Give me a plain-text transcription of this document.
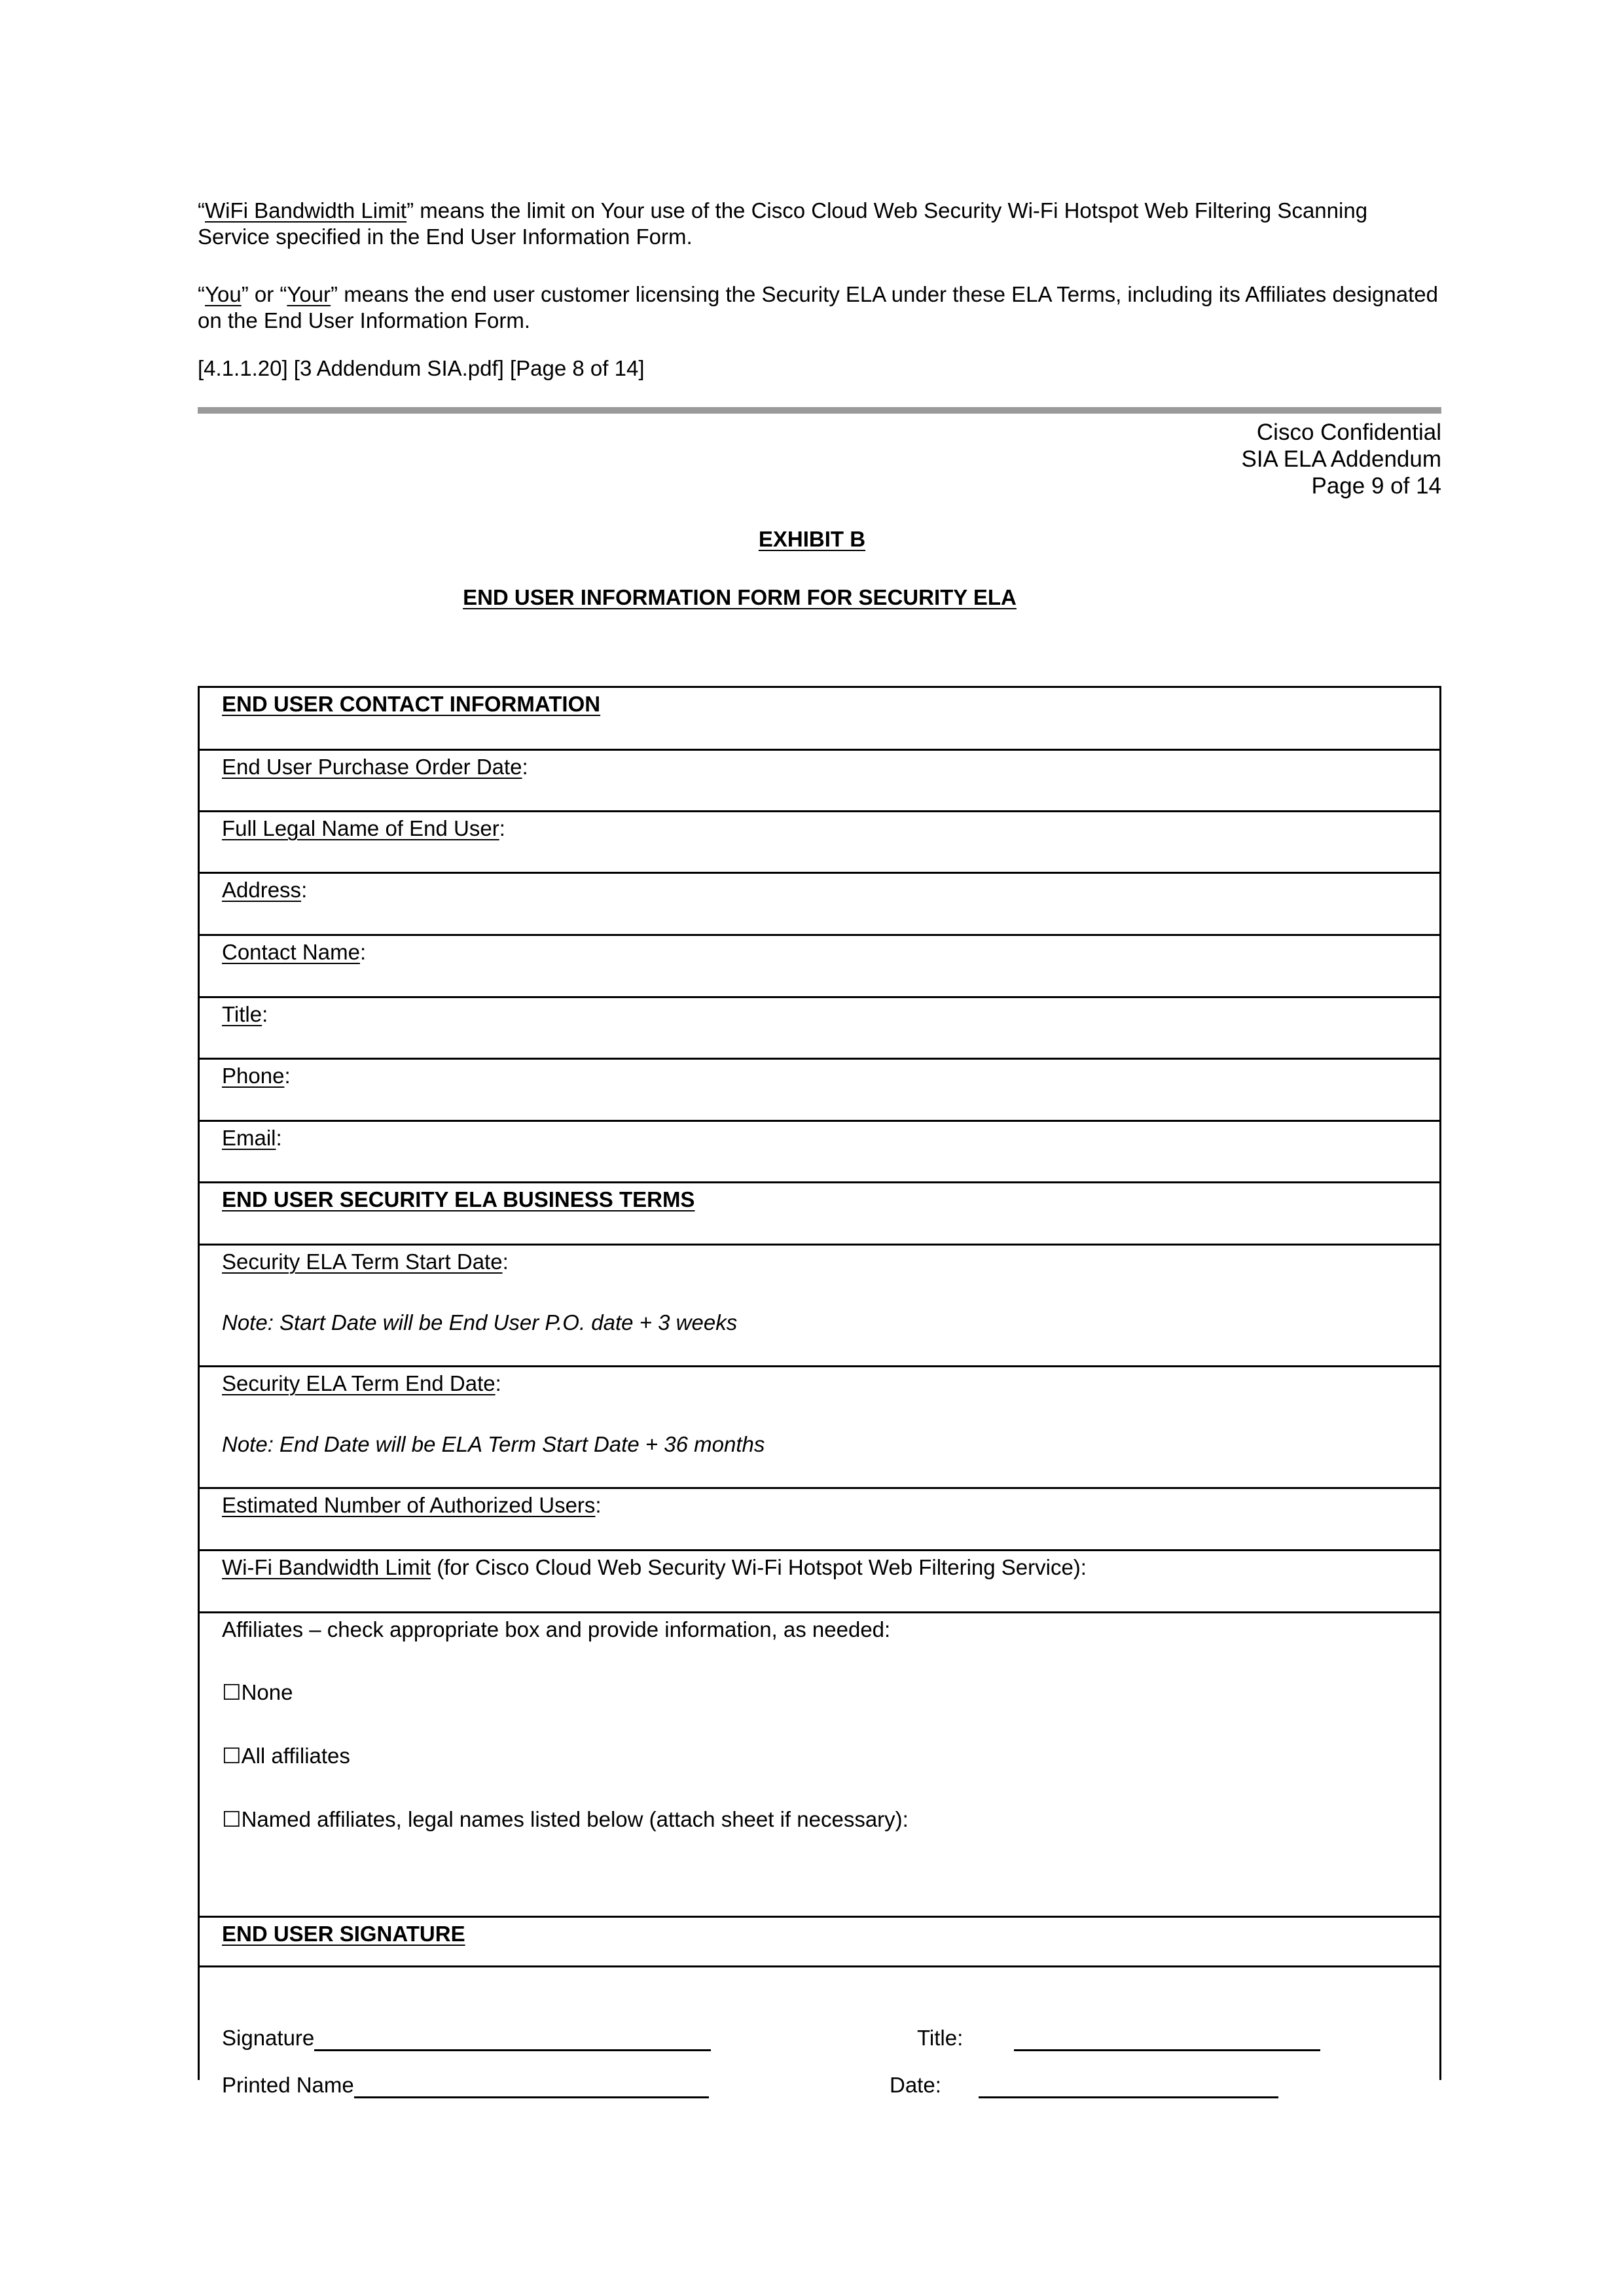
“WiFi Bandwidth Limit” means the limit on Your use of the Cisco Cloud Web Security Wi-Fi Hotspot Web Filtering Scanning Service specified in the End User Information Form.
“You” or “Your” means the end user customer licensing the Security ELA under these ELA Terms, including its Affiliates designated on the End User Information Form.
[4.1.1.20] [3 Addendum SIA.pdf] [Page 8 of 14]
Cisco Confidential
SIA ELA Addendum
Page 9 of 14
EXHIBIT B
END USER INFORMATION FORM FOR SECURITY ELA
END USER CONTACT INFORMATION
End User Purchase Order Date:
Full Legal Name of End User:
Address:
Contact Name:
Title:
Phone:
Email:
END USER SECURITY ELA BUSINESS TERMS
Security ELA Term Start Date:
Note: Start Date will be End User P.O. date + 3 weeks
Security ELA Term End Date:
Note: End Date will be ELA Term Start Date + 36 months
Estimated Number of Authorized Users:
Wi-Fi Bandwidth Limit (for Cisco Cloud Web Security Wi-Fi Hotspot Web Filtering Service):
Affiliates – check appropriate box and provide information, as needed:
☐None
☐All affiliates
☐Named affiliates, legal names listed below (attach sheet if necessary):
END USER SIGNATURE
Signature	Title:
Printed Name	Date:
